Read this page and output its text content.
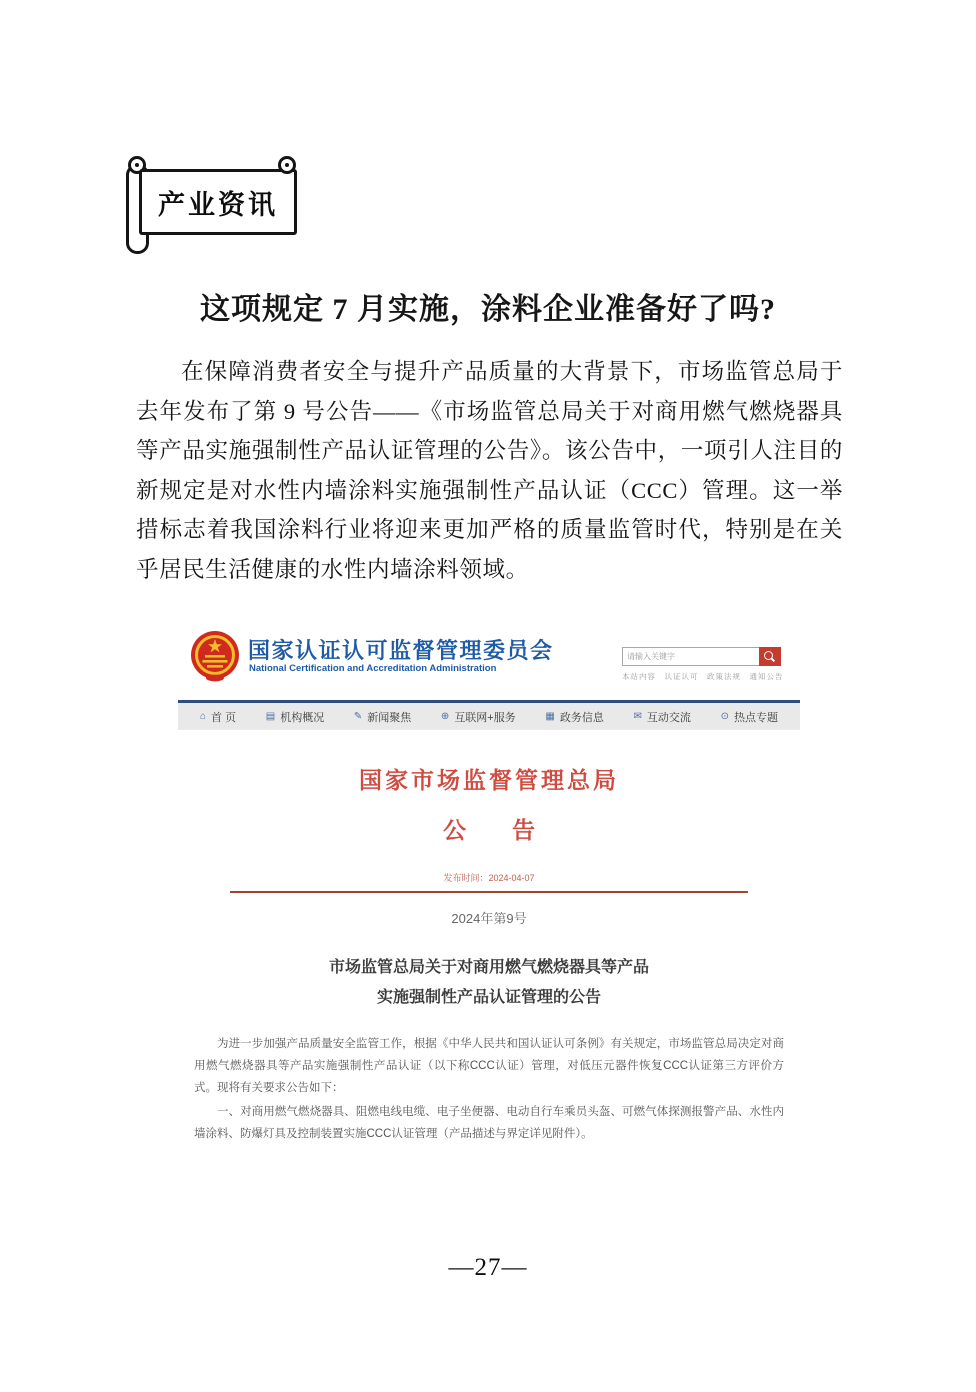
产业资讯
这项规定 7 月实施，涂料企业准备好了吗?
在保障消费者安全与提升产品质量的大背景下，市场监管总局于去年发布了第 9 号公告——《市场监管总局关于对商用燃气燃烧器具等产品实施强制性产品认证管理的公告》。该公告中，一项引人注目的新规定是对水性内墙涂料实施强制性产品认证（CCC）管理。这一举措标志着我国涂料行业将迎来更加严格的质量监管时代，特别是在关乎居民生活健康的水性内墙涂料领域。
国家认证认可监督管理委员会
National Certification and Accreditation Administration
请输入关键字
本站内容　认证认可　政策法规　通知公告
⌂ 首 页	▤ 机构概况	✎ 新闻聚焦	⊕ 互联网+服务	▦ 政务信息	✉ 互动交流	⊙ 热点专题
国家市场监督管理总局
公　　告
发布时间：2024-04-07
2024年第9号
市场监管总局关于对商用燃气燃烧器具等产品
实施强制性产品认证管理的公告

为进一步加强产品质量安全监管工作，根据《中华人民共和国认证认可条例》有关规定，市场监管总局决定对商用燃气燃烧器具等产品实施强制性产品认证（以下称CCC认证）管理，对低压元器件恢复CCC认证第三方评价方式。现将有关要求公告如下：

一、对商用燃气燃烧器具、阻燃电线电缆、电子坐便器、电动自行车乘员头盔、可燃气体探测报警产品、水性内墙涂料、防爆灯具及控制装置实施CCC认证管理（产品描述与界定详见附件）。

—27—
